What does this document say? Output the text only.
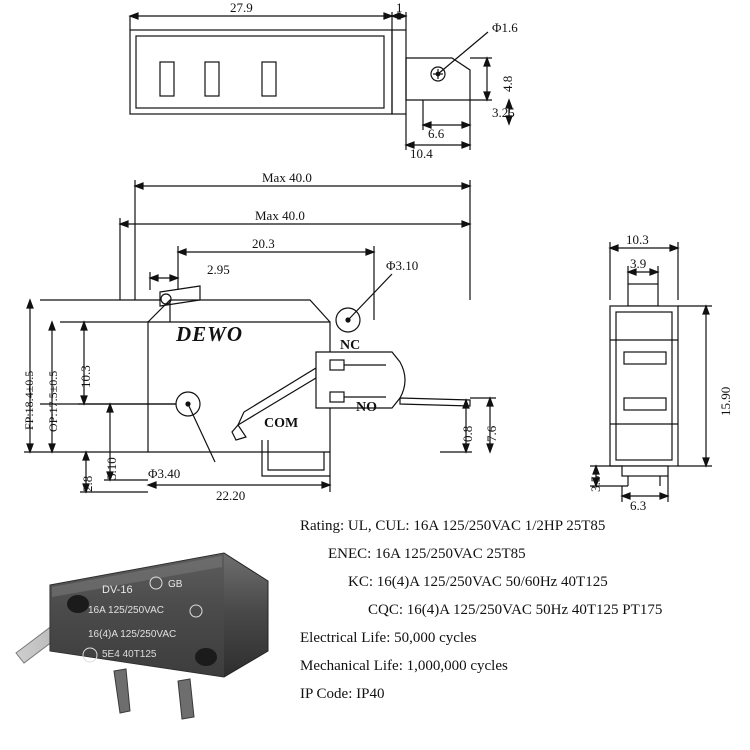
DEWO	NC
NO
COM
27.9	1
Φ1.6
4.8
3.25
6.6
10.4
Max 40.0
Max 40.0
20.3
2.95	Φ3.10
Φ3.40
FP:18.4±0.5 OP:17.5±0.5 10.3
2.8
3.10
22.20
0.8 7.6
10.3
3.9
15.90
3.5
6.3
DV-16	GB
16A 125/250VAC
16(4)A 125/250VAC
5E4 40T125
Rating: UL, CUL: 16A 125/250VAC 1/2HP 25T85
ENEC: 16A 125/250VAC 25T85
KC: 16(4)A 125/250VAC 50/60Hz 40T125
CQC: 16(4)A 125/250VAC 50Hz 40T125 PT175
Electrical Life: 50,000 cycles
Mechanical Life: 1,000,000 cycles
IP Code: IP40
